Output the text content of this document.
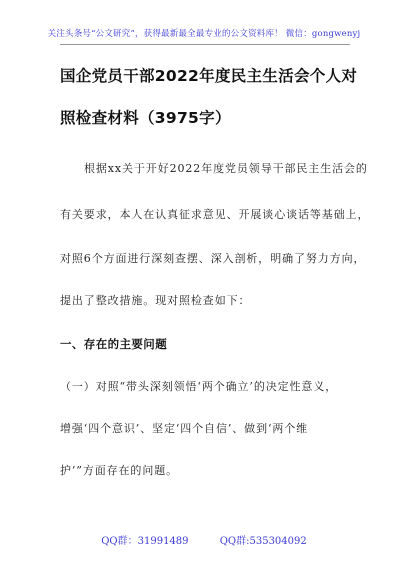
关注头条号“公文研究”，获得最新最全最专业的公文资料库！ 微信：gongwenyj
国企党员干部2022年度民主生活会个人对
照检查材料（3975字）
根据xx关于开好2022年度党员领导干部民主生活会的
有关要求，本人在认真征求意见、开展谈心谈话等基础上，
对照6个方面进行深刻查摆、深入剖析，明确了努力方向，
提出了整改措施。现对照检查如下：
一、存在的主要问题
（一）对照“带头深刻领悟‘两个确立’的决定性意义，
增强‘四个意识’、坚定‘四个自信’、做到‘两个维
护’”方面存在的问题。
QQ群：31991489	QQ群:535304092
